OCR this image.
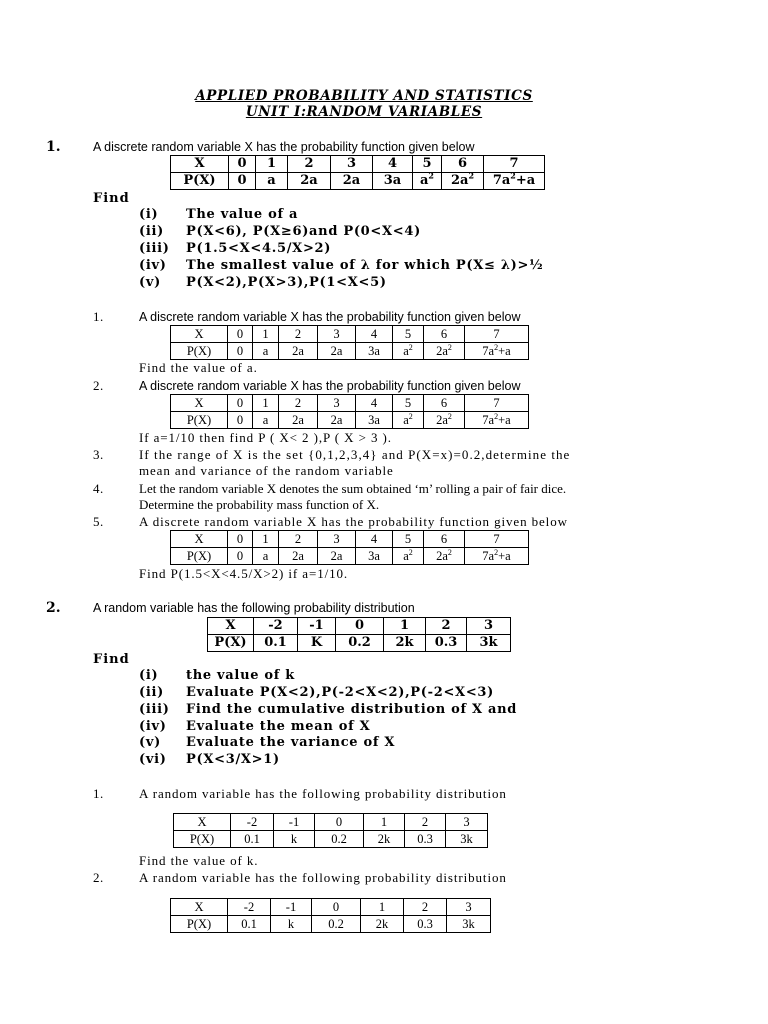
APPLIED PROBABILITY AND STATISTICS
UNIT I:RANDOM VARIABLES
1.	A discrete random variable X has the probability function given below
X	0	1	2	3	4	5	6	7
P(X)	0	a	2a	2a	3a	$a^2$	$2a^2$	$7a^2+a$
Find
(i) The value of a
(ii) P(X<6), P(X≥6)and P(0<X<4)
(iii) P(1.5<X<4.5/X>2)
(iv) The smallest value of λ for which P(X≤ λ)>½
(v) P(X<2),P(X>3),P(1<X<5)
1.	A discrete random variable X has the probability function given below
X	0	1	2	3	4	5	6	7
P(X)	0	a	2a	2a	3a	$a^2$	$2a^2$	$7a^2+a$
Find the value of a.
2.	A discrete random variable X has the probability function given below
X	0	1	2	3	4	5	6	7
P(X)	0	a	2a	2a	3a	$a^2$	$2a^2$	$7a^2+a$
If a=1/10 then find P ( X< 2 ),P ( X > 3 ).
3.	If the range of X is the set {0,1,2,3,4} and P(X=x)=0.2,determine the
mean and variance of the random variable
4.	Let the random variable X denotes the sum obtained ‘m’ rolling a pair of fair dice.
Determine the probability mass function of X.
5.	A discrete random variable X has the probability function given below
X	0	1	2	3	4	5	6	7
P(X)	0	a	2a	2a	3a	$a^2$	$2a^2$	$7a^2+a$
Find P(1.5<X<4.5/X>2) if a=1/10.
2.	A random variable has the following probability distribution
X	-2	-1	0	1	2	3
P(X)	0.1	K	0.2	2k	0.3	3k
Find
(i) the value of k
(ii) Evaluate P(X<2),P(-2<X<2),P(-2<X<3)
(iii) Find the cumulative distribution of X and
(iv) Evaluate the mean of X
(v) Evaluate the variance of X
(vi) P(X<3/X>1)
1.	A random variable has the following probability distribution
X	-2	-1	0	1	2	3
P(X)	0.1	k	0.2	2k	0.3	3k
Find the value of k.
2.	A random variable has the following probability distribution
X	-2	-1	0	1	2	3
P(X)	0.1	k	0.2	2k	0.3	3k
